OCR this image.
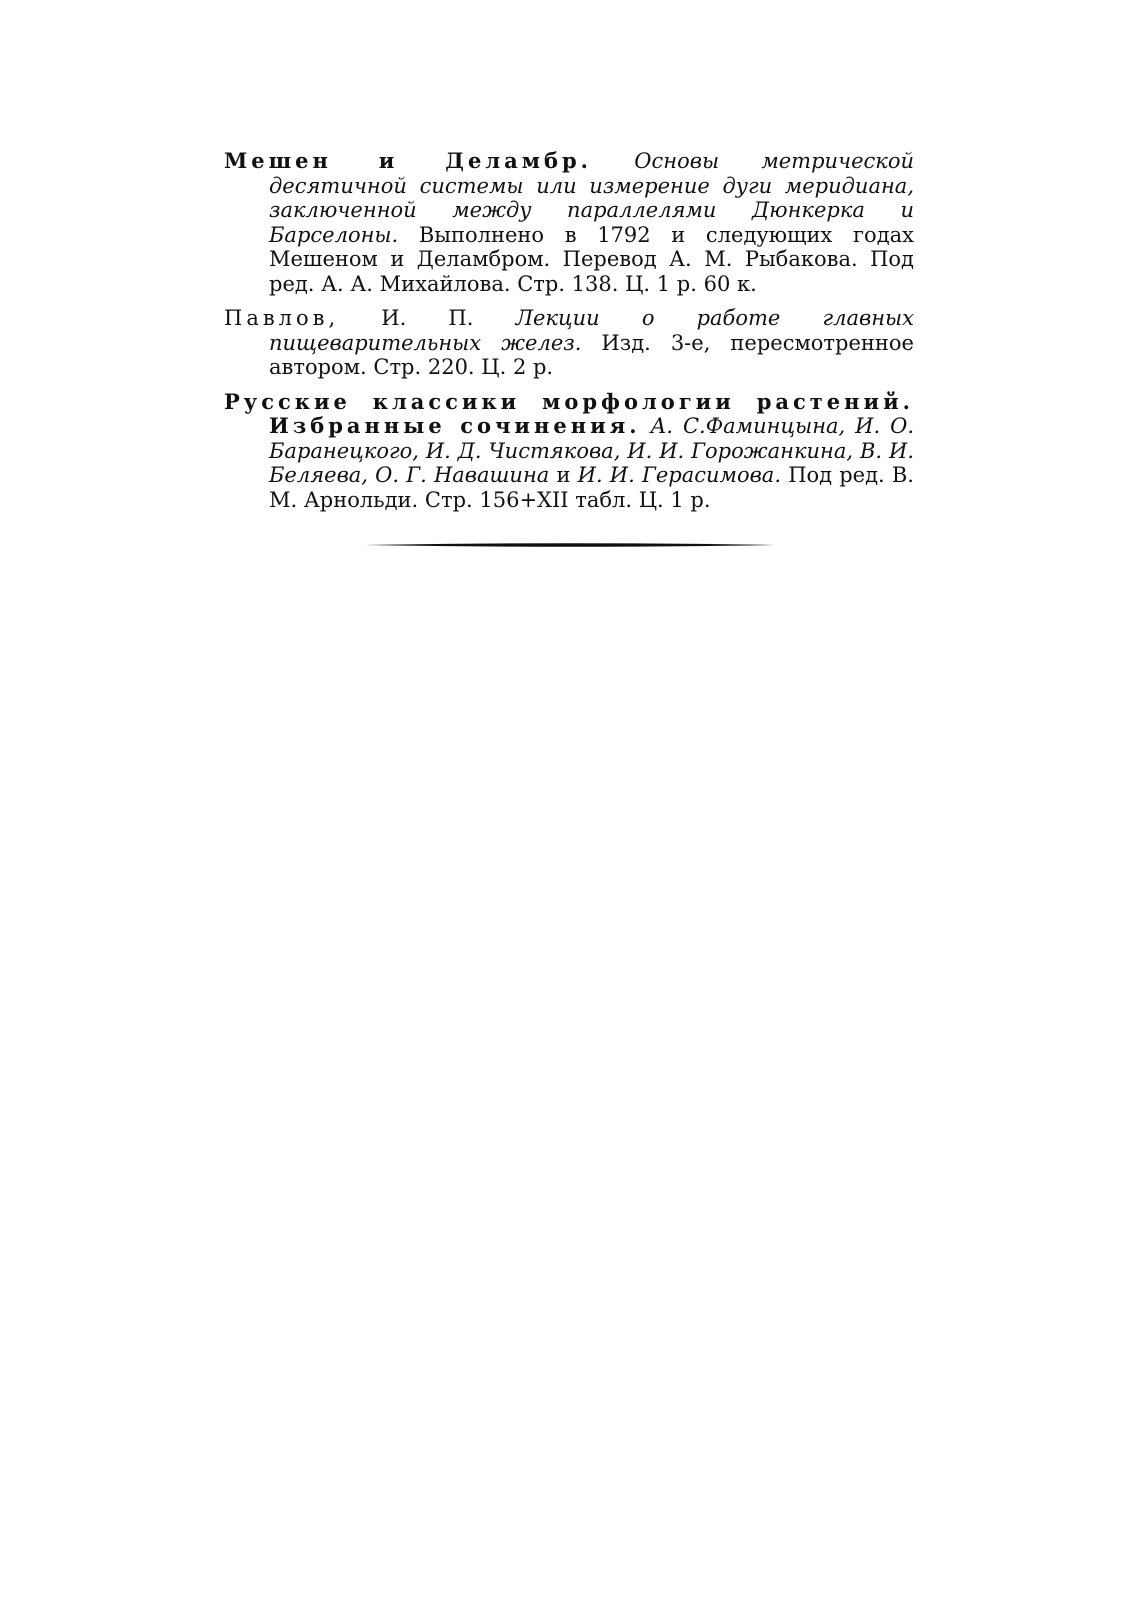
Мешен и Деламбр. Основы метрической десятичной системы или измерение дуги меридиана, заключенной между параллелями Дюнкерка и Барселоны. Выполнено в 1792 и следующих годах Мешеном и Деламбром. Перевод А. М. Рыбакова. Под ред. А. А. Михайлова. Стр. 138. Ц. 1 р. 60 к.

Павлов, И. П. Лекции о работе главных пищеварительных желез. Изд. 3-е, пересмотренное автором. Стр. 220. Ц. 2 р.

Русские классики морфологии растений. Избранные сочинения. А. С.Фаминцына, И. О. Баранецкого, И. Д. Чистякова, И. И. Горожанкина, В. И. Беляева, О. Г. Навашина и И. И. Герасимова. Под ред. В. М. Арнольди. Стр. 156+XII табл. Ц. 1 р.
